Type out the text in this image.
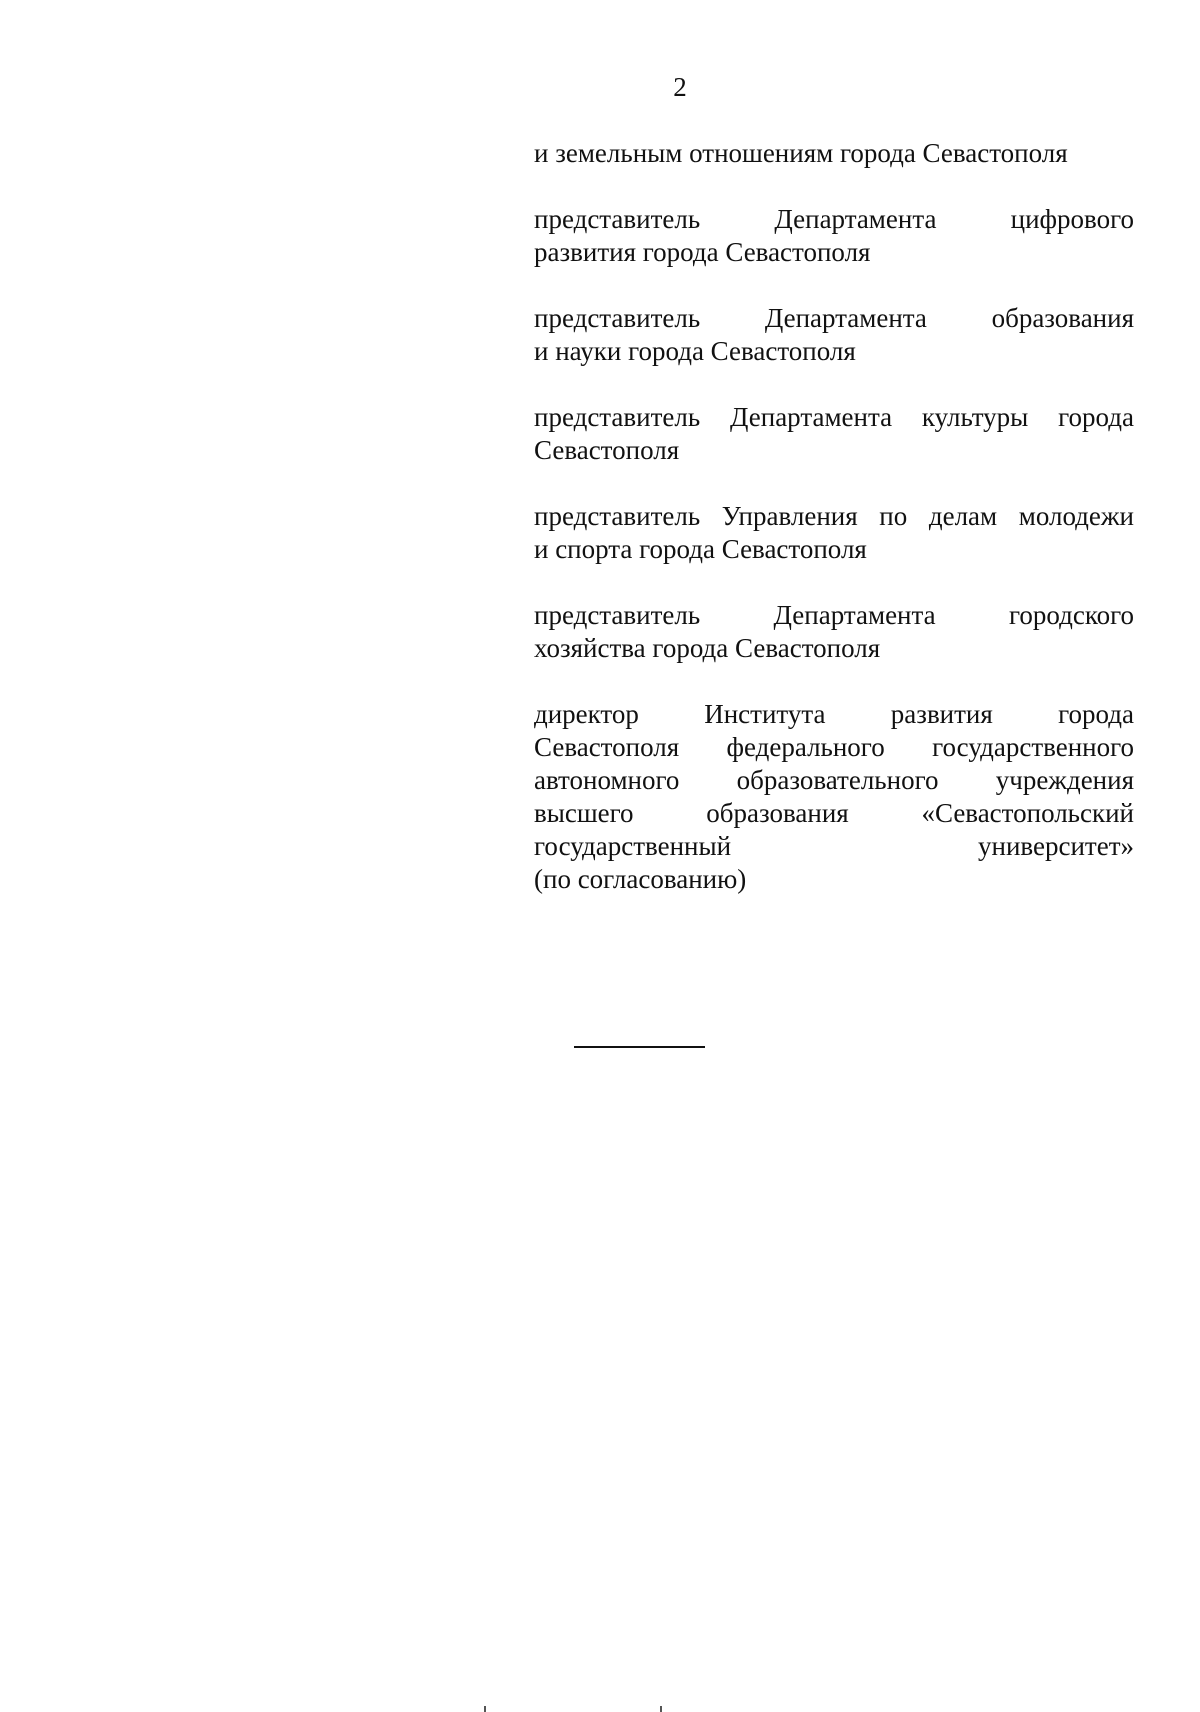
2
и земельным отношениям города Севастополя
представитель Департамента цифрового
развития города Севастополя
представитель Департамента образования
и науки города Севастополя
представитель Департамента культуры города
Севастополя
представитель Управления по делам молодежи
и спорта города Севастополя
представитель Департамента городского
хозяйства города Севастополя
директор Института развития города
Севастополя федерального государственного
автономного образовательного учреждения
высшего образования «Севастопольский
государственный университет»
(по согласованию)
